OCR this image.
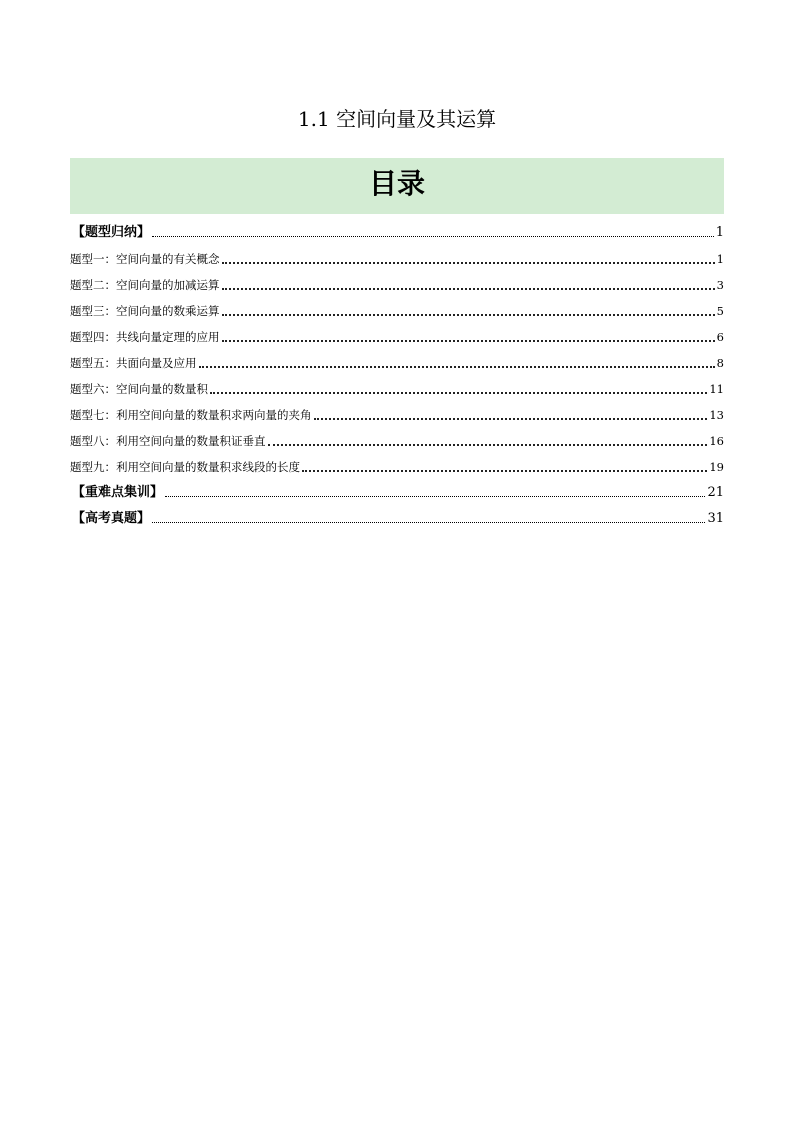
1.1 空间向量及其运算
目录
【题型归纳】	1
题型一：空间向量的有关概念	1
题型二：空间向量的加减运算	3
题型三：空间向量的数乘运算	5
题型四：共线向量定理的应用	6
题型五：共面向量及应用	8
题型六：空间向量的数量积	11
题型七：利用空间向量的数量积求两向量的夹角	13
题型八：利用空间向量的数量积证垂直	16
题型九：利用空间向量的数量积求线段的长度	19
【重难点集训】	21
【高考真题】	31
